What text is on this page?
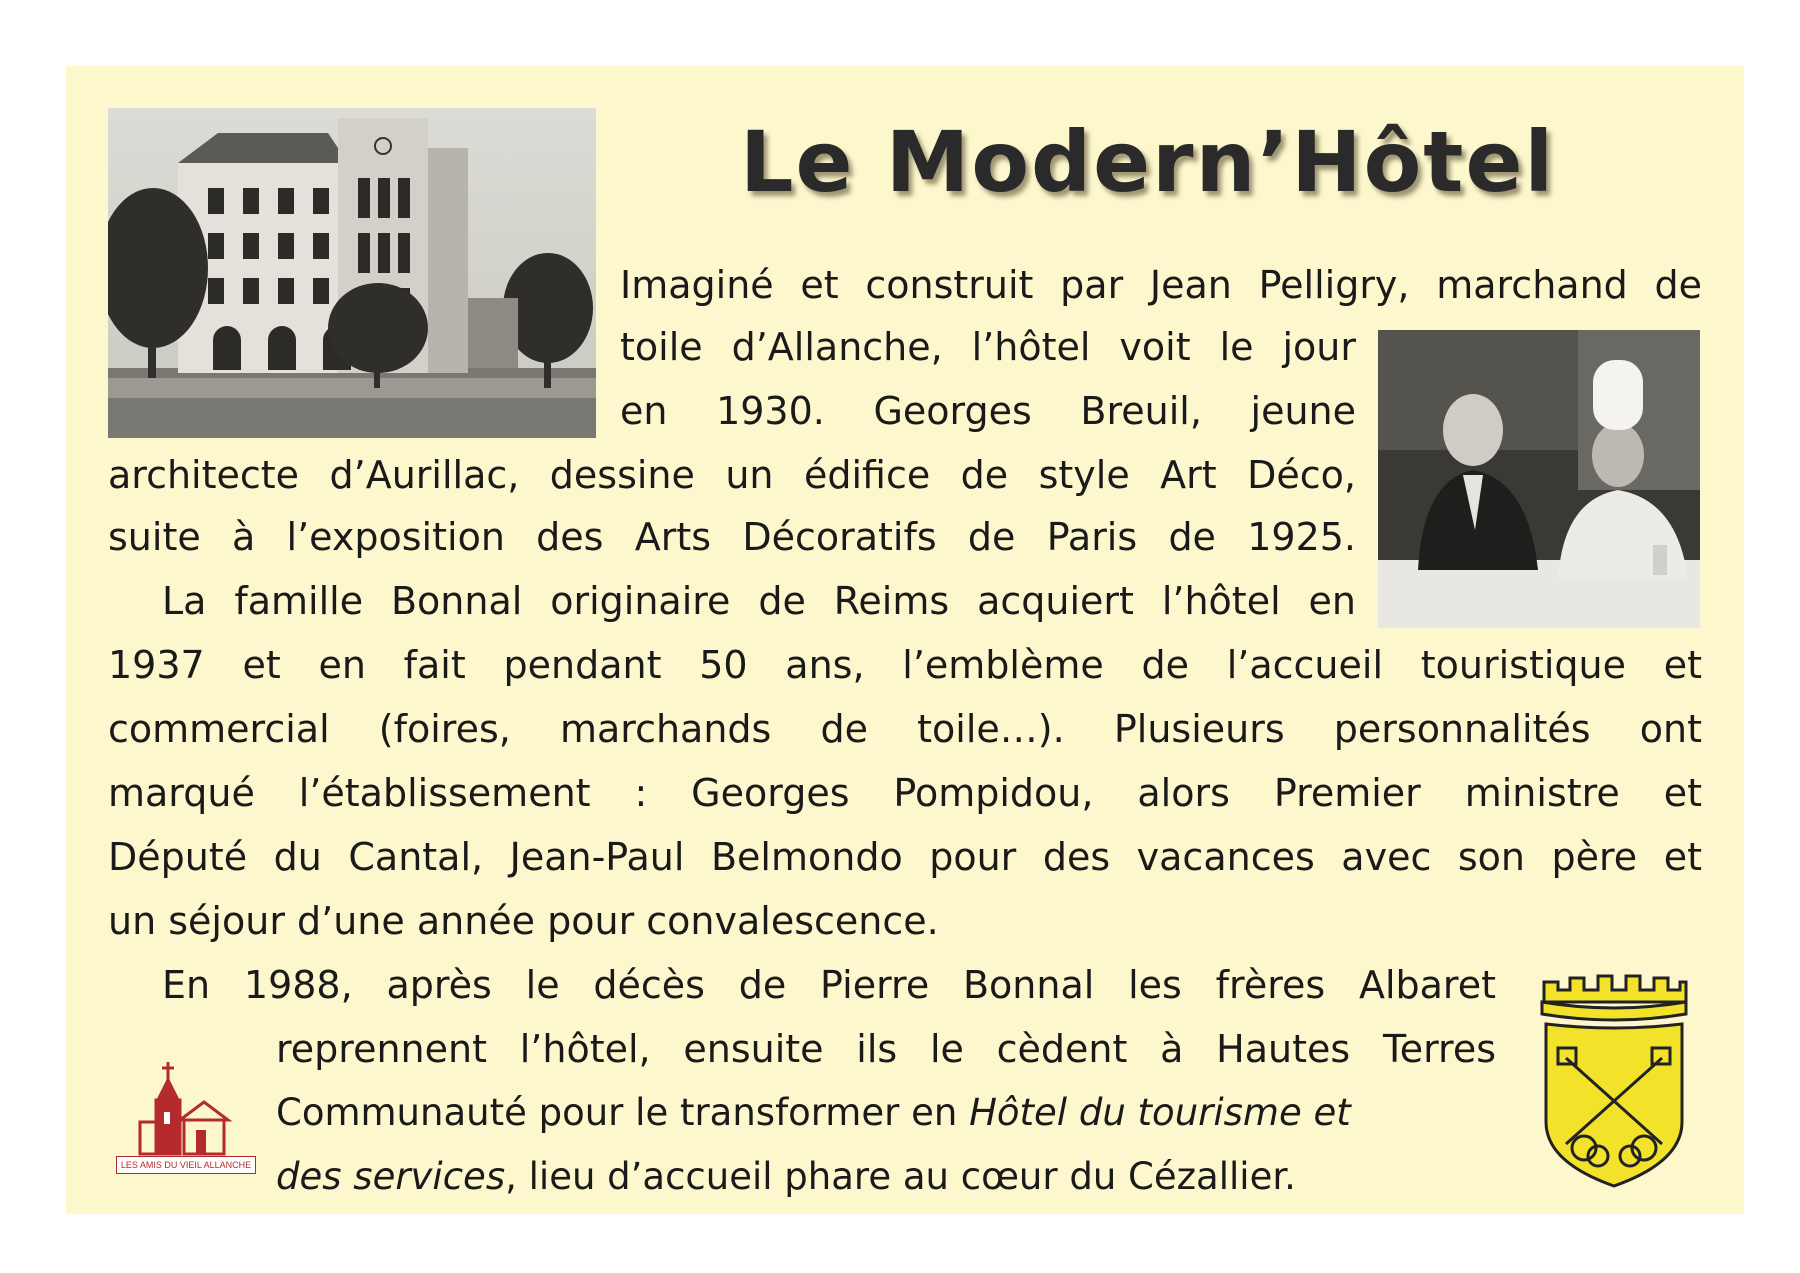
Le Modern’Hôtel
Imaginé et construit par Jean Pelligry, marchand de
toile d’Allanche, l’hôtel voit le jour
en 1930. Georges Breuil, jeune
architecte d’Aurillac, dessine un édifice de style Art Déco,
suite à l’exposition des Arts Décoratifs de Paris de 1925.
La famille Bonnal originaire de Reims acquiert l’hôtel en
1937 et en fait pendant 50 ans, l’emblème de l’accueil touristique et
commercial (foires, marchands de toile…). Plusieurs personnalités ont
marqué l’établissement : Georges Pompidou, alors Premier ministre et
Député du Cantal, Jean-Paul Belmondo pour des vacances avec son père et
un séjour d’une année pour convalescence.
En 1988, après le décès de Pierre Bonnal les frères Albaret
reprennent l’hôtel, ensuite ils le cèdent à Hautes Terres
Communauté pour le transformer en Hôtel du tourisme et
des services, lieu d’accueil phare au cœur du Cézallier.
LES AMIS DU VIEIL ALLANCHE
